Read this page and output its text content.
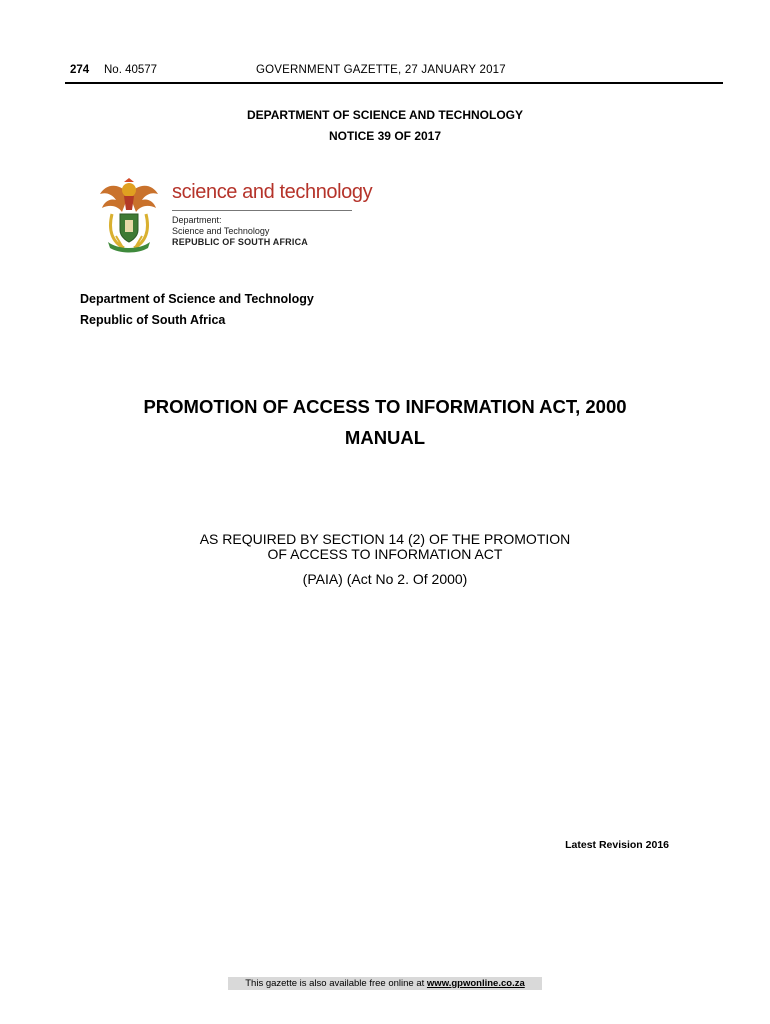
274 No. 40577	GOVERNMENT GAZETTE, 27 JANUARY 2017
DEPARTMENT OF SCIENCE AND TECHNOLOGY
NOTICE 39 OF 2017
science and technology
Department:
Science and Technology
REPUBLIC OF SOUTH AFRICA
Department of Science and Technology
Republic of South Africa
PROMOTION OF ACCESS TO INFORMATION ACT, 2000
MANUAL
AS REQUIRED BY SECTION 14 (2) OF THE PROMOTION
OF ACCESS TO INFORMATION ACT
(PAIA) (Act No 2. Of 2000)
Latest Revision 2016
This gazette is also available free online at www.gpwonline.co.za
